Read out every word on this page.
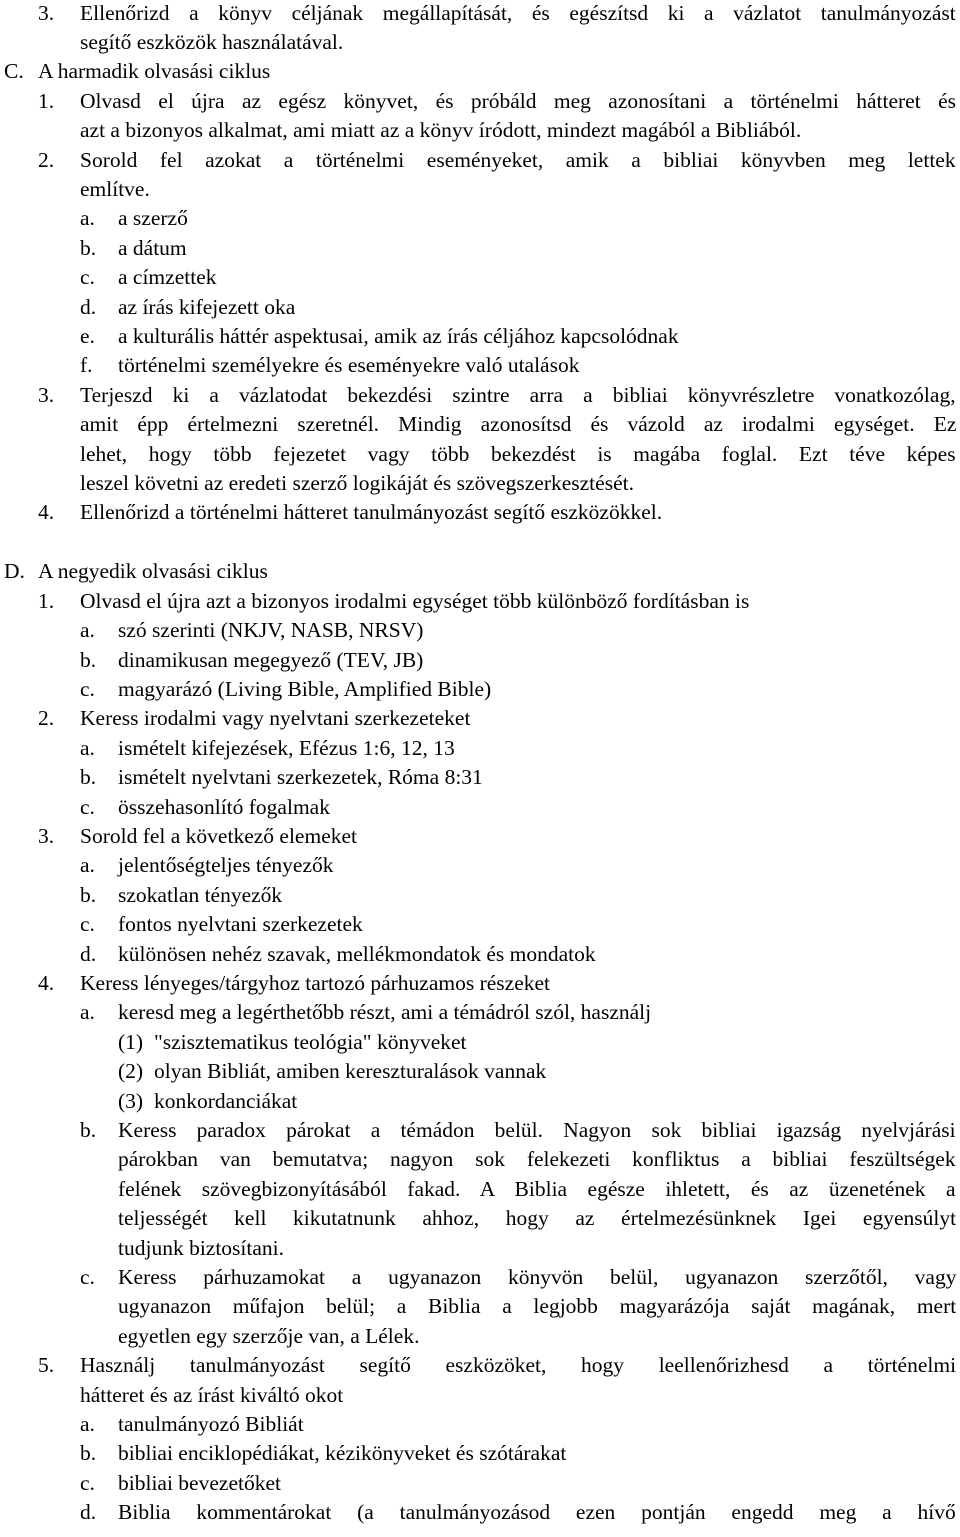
3. Ellenőrizd a könyv céljának megállapítását, és egészítsd ki a vázlatot tanulmányozást
segítő eszközök használatával.
C. A harmadik olvasási ciklus
1. Olvasd el újra az egész könyvet, és próbáld meg azonosítani a történelmi hátteret és
azt a bizonyos alkalmat, ami miatt az a könyv íródott, mindezt magából a Bibliából.
2. Sorold fel azokat a történelmi eseményeket, amik a bibliai könyvben meg lettek
említve.
a. a szerző
b. a dátum
c. a címzettek
d. az írás kifejezett oka
e. a kulturális háttér aspektusai, amik az írás céljához kapcsolódnak
f. történelmi személyekre és eseményekre való utalások
3. Terjeszd ki a vázlatodat bekezdési szintre arra a bibliai könyvrészletre vonatkozólag,
amit épp értelmezni szeretnél. Mindig azonosítsd és vázold az irodalmi egységet. Ez
lehet, hogy több fejezetet vagy több bekezdést is magába foglal. Ezt téve képes
leszel követni az eredeti szerző logikáját és szövegszerkesztését.
4. Ellenőrizd a történelmi hátteret tanulmányozást segítő eszközökkel.
D. A negyedik olvasási ciklus
1. Olvasd el újra azt a bizonyos irodalmi egységet több különböző fordításban is
a. szó szerinti (NKJV, NASB, NRSV)
b. dinamikusan megegyező (TEV, JB)
c. magyarázó (Living Bible, Amplified Bible)
2. Keress irodalmi vagy nyelvtani szerkezeteket
a. ismételt kifejezések, Efézus 1:6, 12, 13
b. ismételt nyelvtani szerkezetek, Róma 8:31
c. összehasonlító fogalmak
3. Sorold fel a következő elemeket
a. jelentőségteljes tényezők
b. szokatlan tényezők
c. fontos nyelvtani szerkezetek
d. különösen nehéz szavak, mellékmondatok és mondatok
4. Keress lényeges/tárgyhoz tartozó párhuzamos részeket
a. keresd meg a legérthetőbb részt, ami a témádról szól, használj
(1) "szisztematikus teológia" könyveket
(2) olyan Bibliát, amiben kereszturalások vannak
(3) konkordanciákat
b. Keress paradox párokat a témádon belül. Nagyon sok bibliai igazság nyelvjárási
párokban van bemutatva; nagyon sok felekezeti konfliktus a bibliai feszültségek
felének szövegbizonyításából fakad. A Biblia egésze ihletett, és az üzenetének a
teljességét kell kikutatnunk ahhoz, hogy az értelmezésünknek Igei egyensúlyt
tudjunk biztosítani.
c. Keress párhuzamokat a ugyanazon könyvön belül, ugyanazon szerzőtől, vagy
ugyanazon műfajon belül; a Biblia a legjobb magyarázója saját magának, mert
egyetlen egy szerzője van, a Lélek.
5. Használj tanulmányozást segítő eszközöket, hogy leellenőrizhesd a történelmi
hátteret és az írást kiváltó okot
a. tanulmányozó Bibliát
b. bibliai enciklopédiákat, kézikönyveket és szótárakat
c. bibliai bevezetőket
d. Biblia kommentárokat (a tanulmányozásod ezen pontján engedd meg a hívő
